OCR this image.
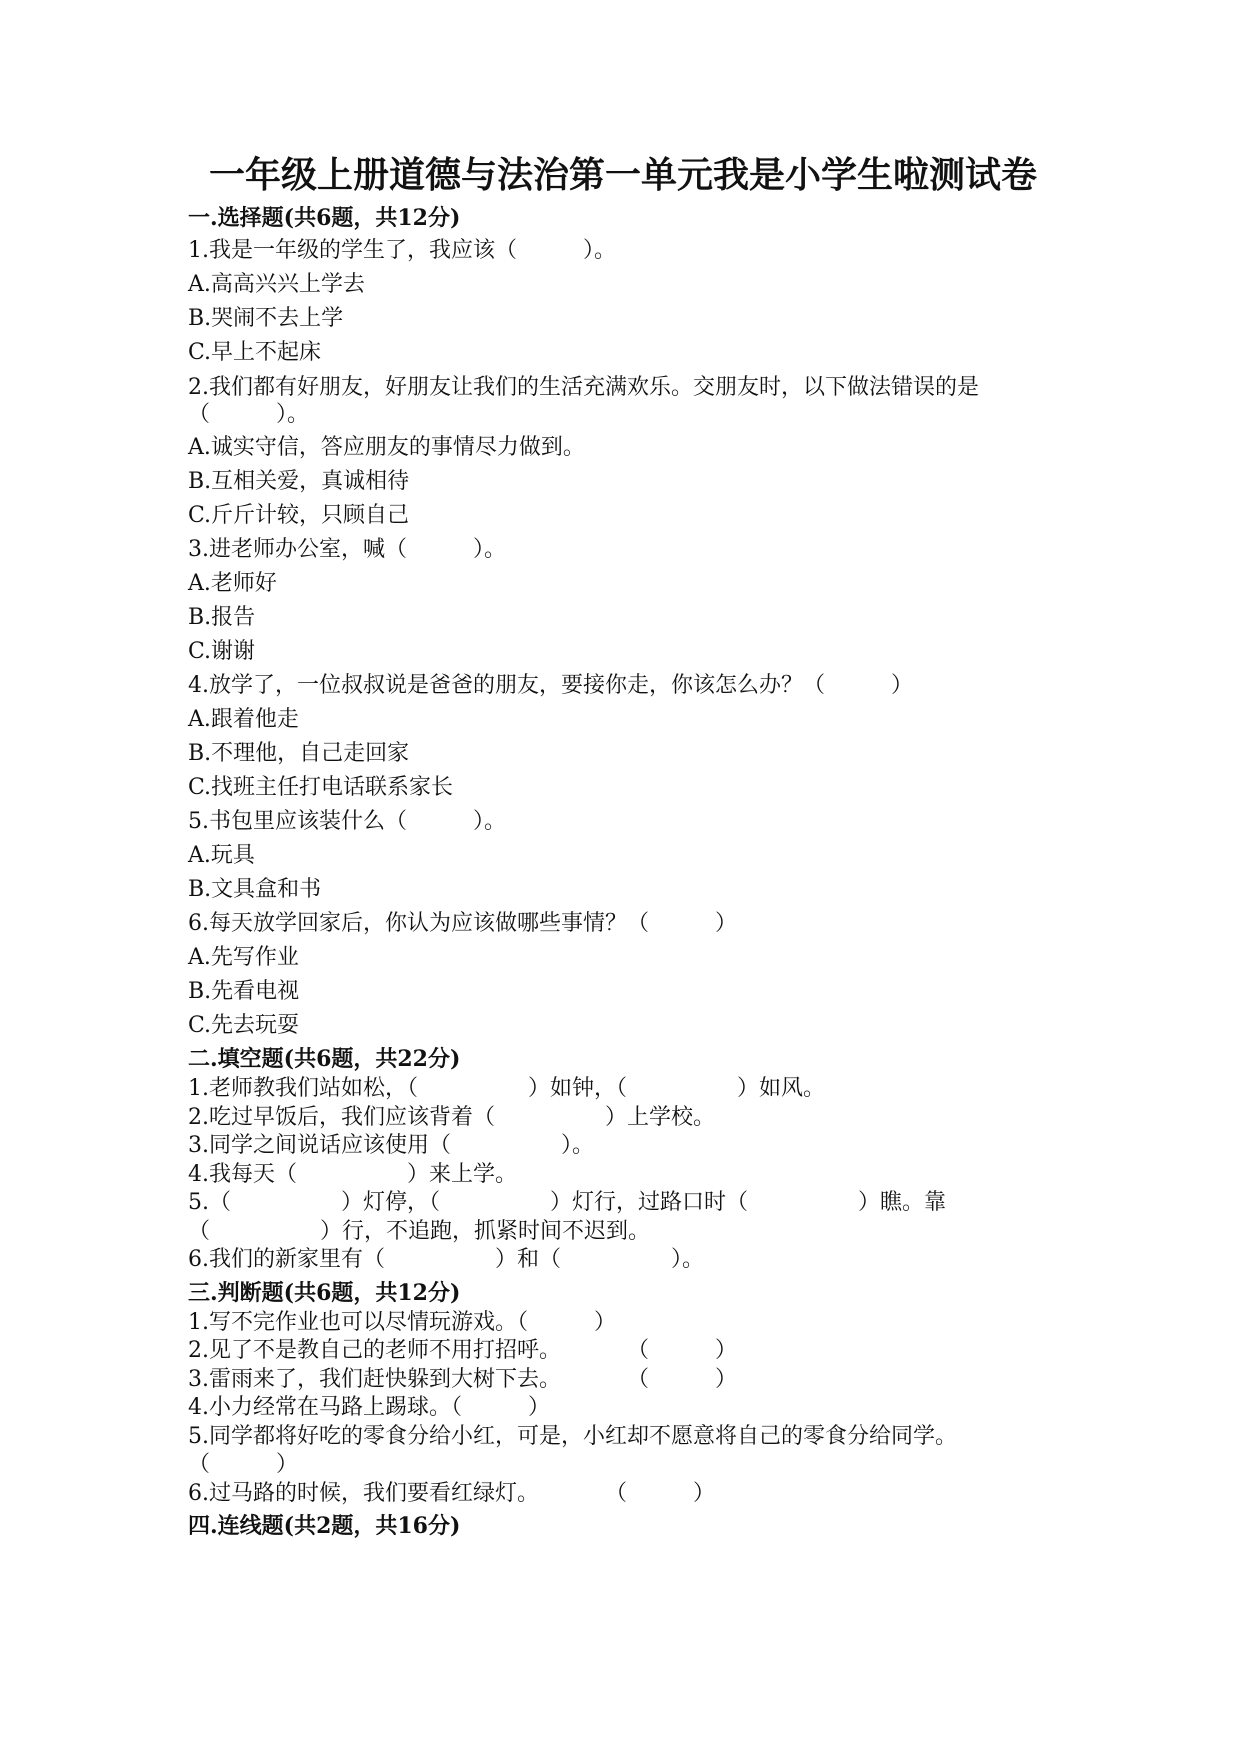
一年级上册道德与法治第一单元我是小学生啦测试卷
一.选择题(共6题，共12分)
1.我是一年级的学生了，我应该（　　　）。
A.高高兴兴上学去
B.哭闹不去上学
C.早上不起床
2.我们都有好朋友，好朋友让我们的生活充满欢乐。交朋友时，以下做法错误的是（　　　）。
A.诚实守信，答应朋友的事情尽力做到。
B.互相关爱，真诚相待
C.斤斤计较，只顾自己
3.进老师办公室，喊（　　　）。
A.老师好
B.报告
C.谢谢
4.放学了，一位叔叔说是爸爸的朋友，要接你走，你该怎么办？（　　　）
A.跟着他走
B.不理他，自己走回家
C.找班主任打电话联系家长
5.书包里应该装什么（　　　）。
A.玩具
B.文具盒和书
6.每天放学回家后，你认为应该做哪些事情？（　　　）
A.先写作业
B.先看电视
C.先去玩耍
二.填空题(共6题，共22分)
1.老师教我们站如松，（　　　　　）如钟，（　　　　　）如风。
2.吃过早饭后，我们应该背着（　　　　　）上学校。
3.同学之间说话应该使用（　　　　　）。
4.我每天（　　　　　）来上学。
5.（　　　　　）灯停，（　　　　　）灯行，过路口时（　　　　　）瞧。靠（　　　　　）行，不追跑，抓紧时间不迟到。
6.我们的新家里有（　　　　　）和（　　　　　）。
三.判断题(共6题，共12分)
1.写不完作业也可以尽情玩游戏。（　　　）
2.见了不是教自己的老师不用打招呼。　　　　（　　　）
3.雷雨来了，我们赶快躲到大树下去。　　　　（　　　）
4.小力经常在马路上踢球。（　　　）
5.同学都将好吃的零食分给小红，可是，小红却不愿意将自己的零食分给同学。　　　（　　　）
6.过马路的时候，我们要看红绿灯。　　　　（　　　）
四.连线题(共2题，共16分)
